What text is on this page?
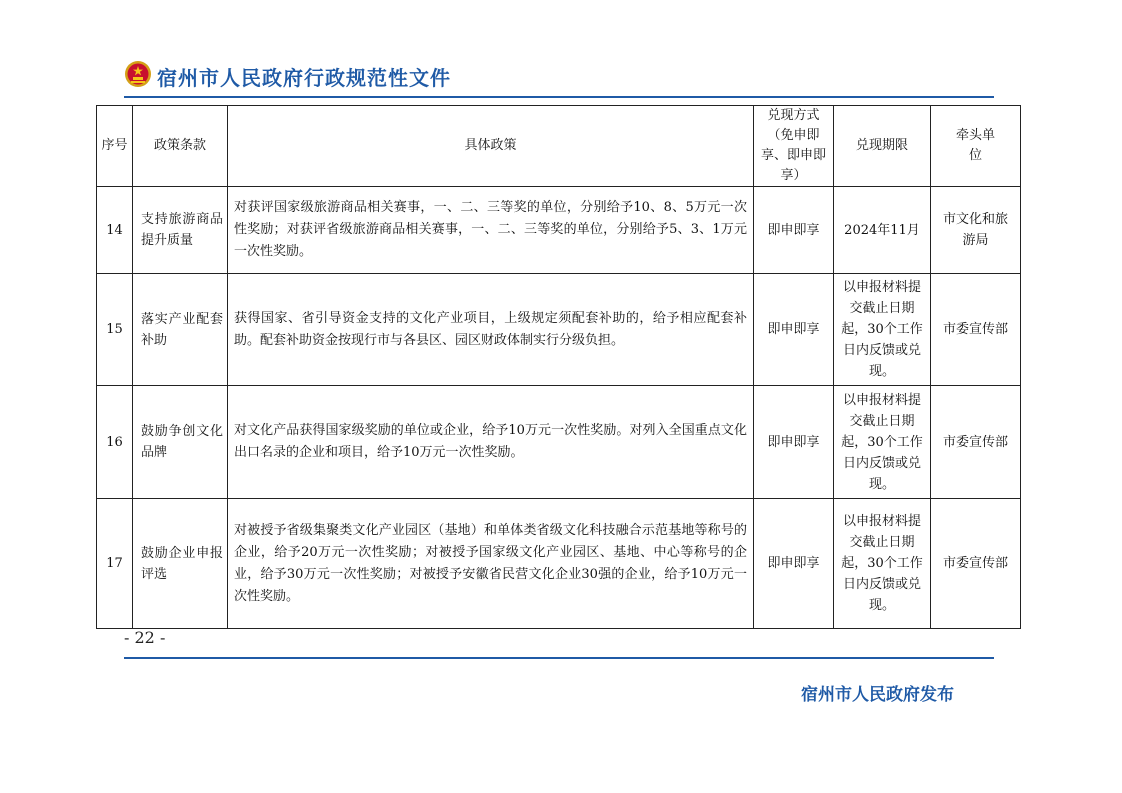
宿州市人民政府行政规范性文件
序号	政策条款	具体政策	兑现方式（免申即享、即申即享）	兑现期限	牵头单位
14	支持旅游商品提升质量	对获评国家级旅游商品相关赛事，一、二、三等奖的单位，分别给予10、8、5万元一次性奖励；对获评省级旅游商品相关赛事，一、二、三等奖的单位，分别给予5、3、1万元一次性奖励。	即申即享	2024年11月	市文化和旅游局
15	落实产业配套补助	获得国家、省引导资金支持的文化产业项目，上级规定须配套补助的，给予相应配套补助。配套补助资金按现行市与各县区、园区财政体制实行分级负担。	即申即享	以申报材料提交截止日期起，30个工作日内反馈或兑现。	市委宣传部
16	鼓励争创文化品牌	对文化产品获得国家级奖励的单位或企业，给予10万元一次性奖励。对列入全国重点文化出口名录的企业和项目，给予10万元一次性奖励。	即申即享	以申报材料提交截止日期起，30个工作日内反馈或兑现。	市委宣传部
17	鼓励企业申报评选	对被授予省级集聚类文化产业园区（基地）和单体类省级文化科技融合示范基地等称号的企业，给予20万元一次性奖励；对被授予国家级文化产业园区、基地、中心等称号的企业，给予30万元一次性奖励；对被授予安徽省民营文化企业30强的企业，给予10万元一次性奖励。	即申即享	以申报材料提交截止日期起，30个工作日内反馈或兑现。	市委宣传部
- 22 -
宿州市人民政府发布
